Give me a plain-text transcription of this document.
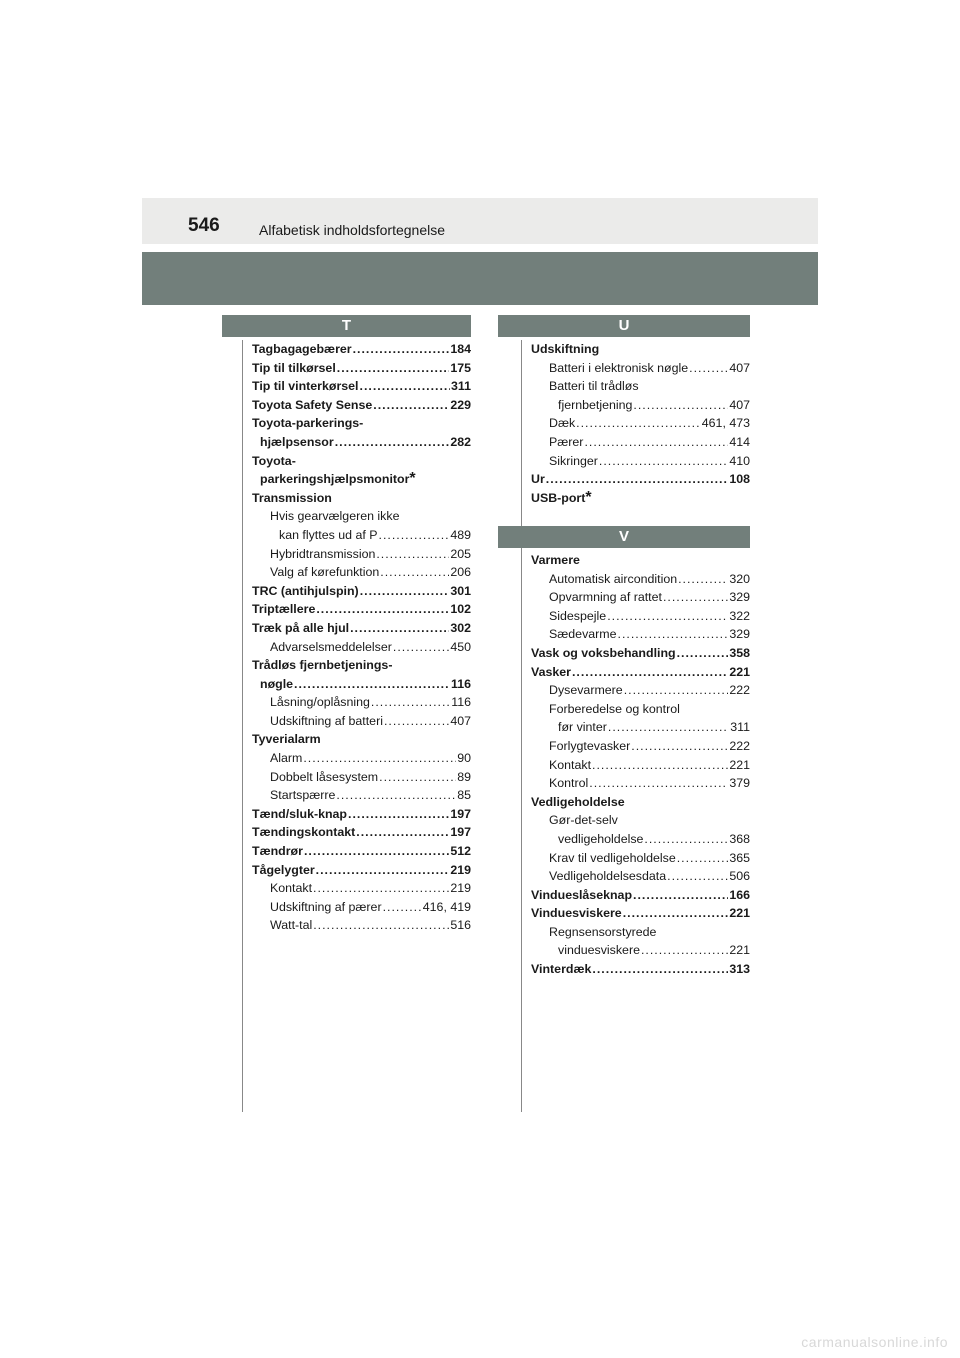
546	Alfabetisk indholdsfortegnelse
T	U
V
Tagbagagebærer .....	184
Tip til tilkørsel .....	175
Tip til vinterkørsel .....	311
Toyota Safety Sense .....	229
Toyota-parkerings-
hjælpsensor .....	282
Toyota-
parkeringshjælpsmonitor *
Transmission
Hvis gearvælgeren ikke
kan flyttes ud af P .....	489
Hybridtransmission .....	205
Valg af kørefunktion .....	206
TRC (antihjulspin) .....	301
Triptællere .....	102
Træk på alle hjul .....	302
Advarselsmeddelelser .....	450
Trådløs fjernbetjenings-
nøgle .....	116
Låsning/oplåsning .....	116
Udskiftning af batteri .....	407
Tyverialarm
Alarm .....	90
Dobbelt låsesystem .....	89
Startspærre .....	85
Tænd/sluk-knap .....	197
Tændingskontakt .....	197
Tændrør .....	512
Tågelygter .....	219
Kontakt .....	219
Udskiftning af pærer .....	416, 419
Watt-tal .....	516
Udskiftning
Batteri i elektronisk nøgle .....	407
Batteri til trådløs
fjernbetjening .....	407
Dæk .....	461, 473
Pærer .....	414
Sikringer .....	410
Ur .....	108
USB-port *
Varmere
Automatisk aircondition .....	320
Opvarmning af rattet .....	329
Sidespejle .....	322
Sædevarme .....	329
Vask og voksbehandling .....	358
Vasker .....	221
Dysevarmere .....	222
Forberedelse og kontrol
før vinter .....	311
Forlygtevasker .....	222
Kontakt .....	221
Kontrol .....	379
Vedligeholdelse
Gør-det-selv
vedligeholdelse .....	368
Krav til vedligeholdelse .....	365
Vedligeholdelsesdata .....	506
Vindueslåseknap .....	166
Vinduesviskere .....	221
Regnsensorstyrede
vinduesviskere .....	221
Vinterdæk .....	313
carmanualsonline.info
